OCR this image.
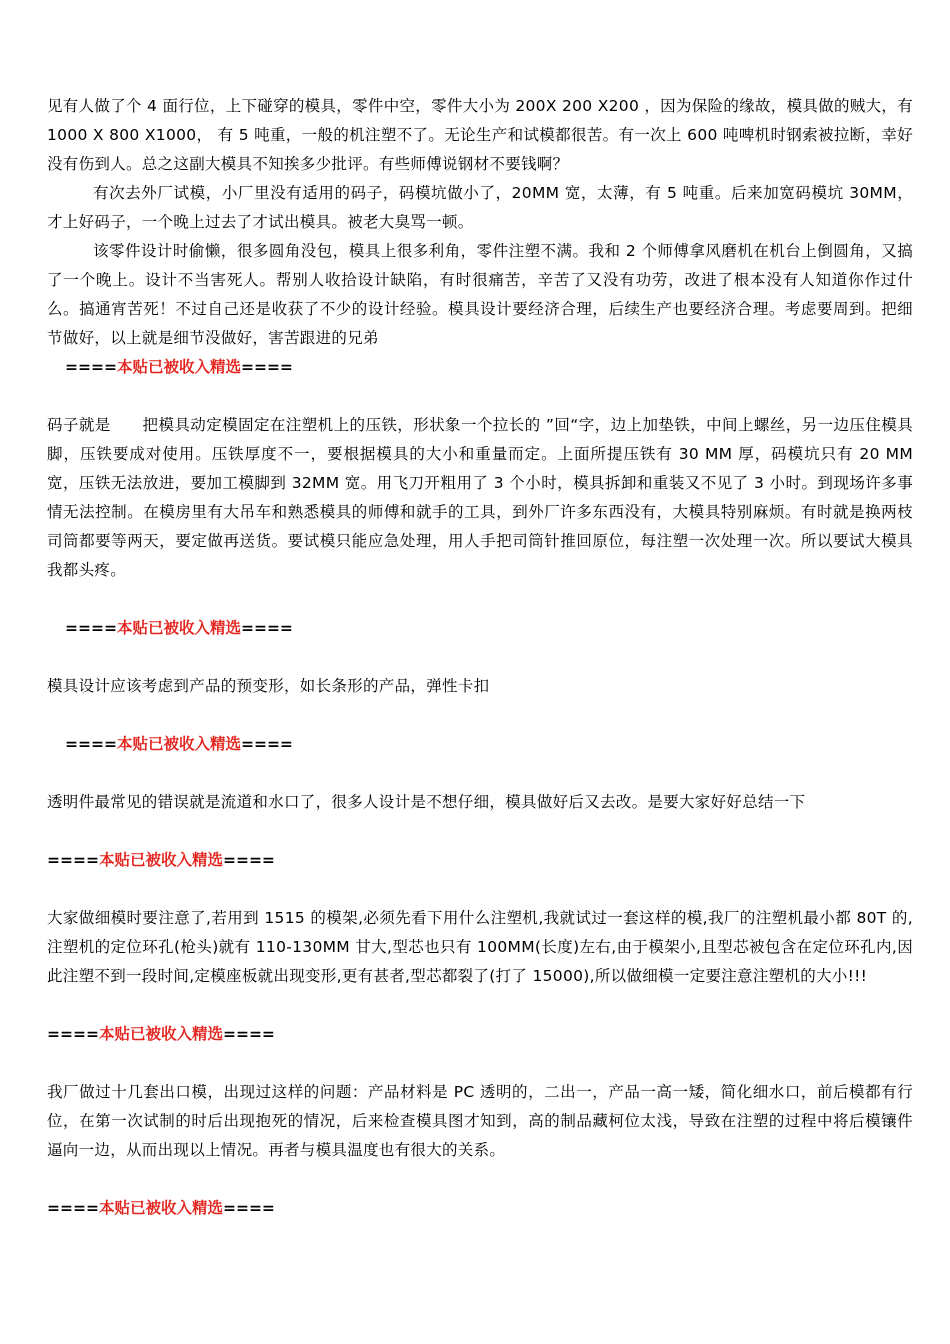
见有人做了个 4 面行位，上下碰穿的模具，零件中空，零件大小为 200X 200 X200 ，因为保险的缘故，模具做的贼大，有 1000 X 800 X1000， 有 5 吨重，一般的机注塑不了。无论生产和试模都很苦。有一次上 600 吨啤机时钢索被拉断，幸好没有伤到人。总之这副大模具不知挨多少批评。有些师傅说钢材不要钱啊？

有次去外厂试模，小厂里没有适用的码子，码模坑做小了，20MM 宽，太薄，有 5 吨重。后来加宽码模坑 30MM，才上好码子，一个晚上过去了才试出模具。被老大臭骂一顿。

该零件设计时偷懒，很多圆角没包，模具上很多利角，零件注塑不满。我和 2 个师傅拿风磨机在机台上倒圆角，又搞了一个晚上。设计不当害死人。帮别人收拾设计缺陷，有时很痛苦，辛苦了又没有功劳，改进了根本没有人知道你作过什么。搞通宵苦死！不过自己还是收获了不少的设计经验。模具设计要经济合理，后续生产也要经济合理。考虑要周到。把细节做好，以上就是细节没做好，害苦跟进的兄弟

====本贴已被收入精选====

码子就是　　把模具动定模固定在注塑机上的压铁，形状象一个拉长的 ”回“字，边上加垫铁，中间上螺丝，另一边压住模具脚，压铁要成对使用。压铁厚度不一，要根据模具的大小和重量而定。上面所提压铁有 30 MM 厚，码模坑只有 20 MM 宽，压铁无法放进，要加工模脚到 32MM 宽。用飞刀开粗用了 3 个小时，模具拆卸和重装又不见了 3 小时。到现场许多事情无法控制。在模房里有大吊车和熟悉模具的师傅和就手的工具，到外厂许多东西没有，大模具特别麻烦。有时就是换两枝司筒都要等两天，要定做再送货。要试模只能应急处理，用人手把司筒针推回原位，每注塑一次处理一次。所以要试大模具我都头疼。

====本贴已被收入精选====

模具设计应该考虑到产品的预变形，如长条形的产品，弹性卡扣

====本贴已被收入精选====

透明件最常见的错误就是流道和水口了，很多人设计是不想仔细，模具做好后又去改。是要大家好好总结一下

====本贴已被收入精选====

大家做细模时要注意了,若用到 1515 的模架,必须先看下用什么注塑机,我就试过一套这样的模,我厂的注塑机最小都 80T 的,注塑机的定位环孔(枪头)就有 110-130MM 甘大,型芯也只有 100MM(长度)左右,由于模架小,且型芯被包含在定位环孔内,因此注塑不到一段时间,定模座板就出现变形,更有甚者,型芯都裂了(打了 15000),所以做细模一定要注意注塑机的大小!!!

====本贴已被收入精选====

我厂做过十几套出口模，出现过这样的问题：产品材料是 PC 透明的，二出一，产品一高一矮，简化细水口，前后模都有行位，在第一次试制的时后出现抱死的情况，后来检查模具图才知到，高的制品藏柯位太浅，导致在注塑的过程中将后模镶件逼向一边，从而出现以上情况。再者与模具温度也有很大的关系。

====本贴已被收入精选====
